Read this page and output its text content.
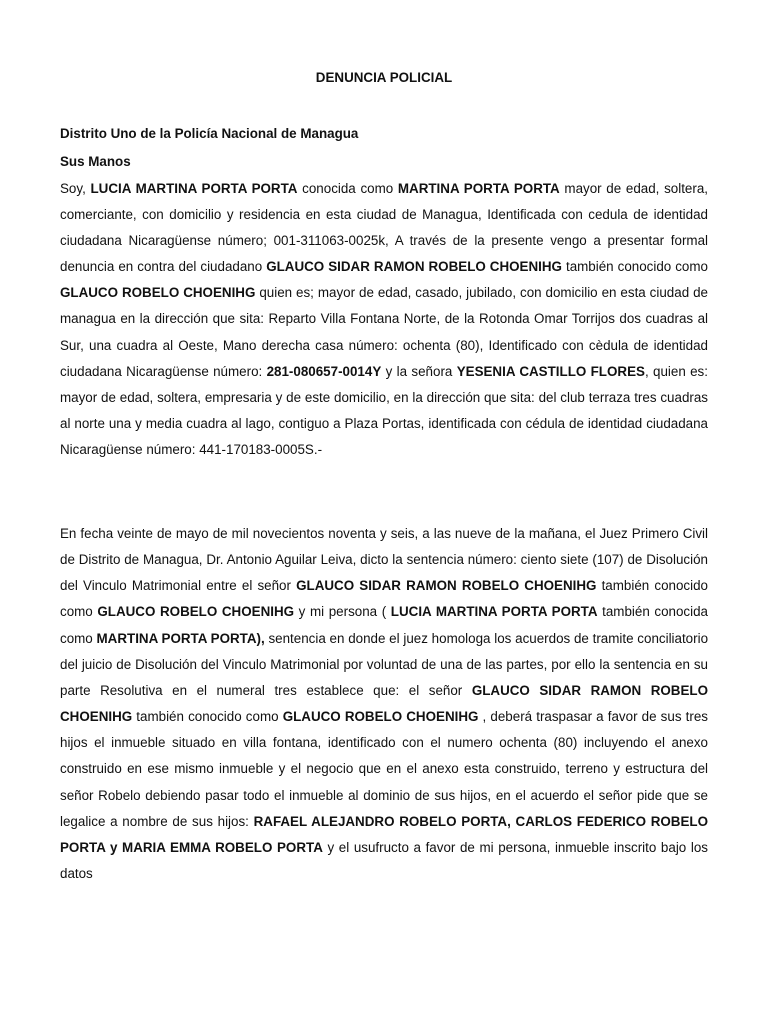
DENUNCIA POLICIAL
Distrito Uno de la Policía Nacional de Managua
Sus Manos

Soy, LUCIA MARTINA PORTA PORTA conocida como MARTINA PORTA PORTA mayor de edad, soltera, comerciante, con domicilio y residencia en esta ciudad de Managua, Identificada con cedula de identidad ciudadana Nicaragüense número; 001-311063-0025k, A través de la presente vengo a presentar formal denuncia en contra del ciudadano GLAUCO SIDAR RAMON ROBELO CHOENIHG también conocido como GLAUCO ROBELO CHOENIHG quien es; mayor de edad, casado, jubilado, con domicilio en esta ciudad de managua en la dirección que sita: Reparto Villa Fontana Norte, de la Rotonda Omar Torrijos dos cuadras al Sur, una cuadra al Oeste, Mano derecha casa número: ochenta (80), Identificado con cèdula de identidad ciudadana Nicaragüense número: 281-080657-0014Y y la señora YESENIA CASTILLO FLORES, quien es: mayor de edad, soltera, empresaria y de este domicilio, en la dirección que sita: del club terraza tres cuadras al norte una y media cuadra al lago, contiguo a Plaza Portas, identificada con cédula de identidad ciudadana Nicaragüense número: 441-170183-0005S.-

En fecha veinte de mayo de mil novecientos noventa y seis, a las nueve de la mañana, el Juez Primero Civil de Distrito de Managua, Dr. Antonio Aguilar Leiva, dicto la sentencia número: ciento siete (107) de Disolución del Vinculo Matrimonial entre el señor GLAUCO SIDAR RAMON ROBELO CHOENIHG también conocido como GLAUCO ROBELO CHOENIHG y mi persona ( LUCIA MARTINA PORTA PORTA también conocida como MARTINA PORTA PORTA), sentencia en donde el juez homologa los acuerdos de tramite conciliatorio del juicio de Disolución del Vinculo Matrimonial por voluntad de una de las partes, por ello la sentencia en su parte Resolutiva en el numeral tres establece que: el señor GLAUCO SIDAR RAMON ROBELO CHOENIHG también conocido como GLAUCO ROBELO CHOENIHG , deberá traspasar a favor de sus tres hijos el inmueble situado en villa fontana, identificado con el numero ochenta (80) incluyendo el anexo construido en ese mismo inmueble y el negocio que en el anexo esta construido, terreno y estructura del señor Robelo debiendo pasar todo el inmueble al dominio de sus hijos, en el acuerdo el señor pide que se legalice a nombre de sus hijos: RAFAEL ALEJANDRO ROBELO PORTA, CARLOS FEDERICO ROBELO PORTA y MARIA EMMA ROBELO PORTA y el usufructo a favor de mi persona, inmueble inscrito bajo los datos
